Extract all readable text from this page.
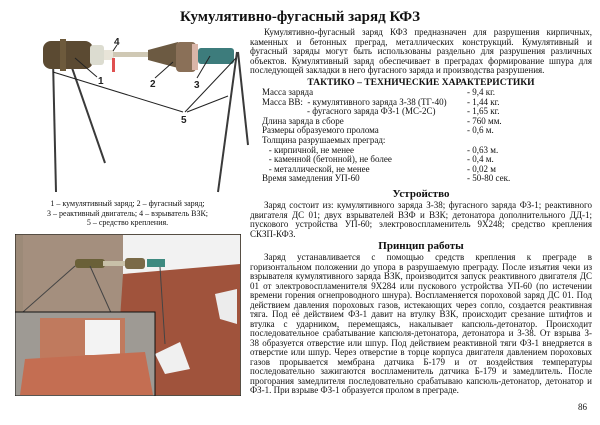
Кумулятивно-фугасный заряд КФЗ
Кумулятивно-фугасный заряд КФЗ предназначен для разрушения кирпичных,
каменных и бетонных преград, металлических конструкций. Кумулятивный и
фугасный заряды могут быть использованы раздельно для разрушения различных
объектов. Кумулятивный заряд обеспечивает в преградах формирование шпура для
последующей закладки в него фугасного заряда и производства разрушения.
ТАКТИКО – ТЕХНИЧЕСКИЕ ХАРАКТЕРИСТИКИ
Масса заряда	- 9,4 кг.
Масса ВВ:  - кумулятивного заряда З-38 (ТГ-40) - 1,44 кг.
- фугасного заряда ФЗ-1 (МС-2С)	- 1,65 кг.
Длина заряда в сборе	- 760 мм.
Размеры образуемого пролома	- 0,6 м.
Толщина разрушаемых преград:
- кирпичной, не менее	- 0,63 м.
- каменной (бетонной), не более	- 0,4 м.
- металлической, не менее	- 0,02 м
Время замедления УП-60	- 50-80 сек.
Устройство
Заряд состоит из: кумулятивного заряда З-38; фугасного заряда ФЗ-1; реактивного
двигателя ДС 01; двух взрывателей ВЗФ и ВЗК; детонатора дополнительного ДД-1;
пускового устройства УП-60; электровоспламенитель 9Х248; средство крепления
СКЗП-КФЗ.
Принцип работы
Заряд устанавливается с помощью средств крепления к преграде в
горизонтальном положении до упора в разрушаемую преграду. После изъятия чеки из
взрывателя кумулятивного заряда ВЗК, производится запуск реактивного двигателя ДС
01 от электровоспламенителя 9Х284 или пускового устройства УП-60 (по истечении
времени горения огнепроводного шнура). Воспламеняется пороховой заряд ДС 01. Под
действием давления пороховых газов, истекающих через сопло, создается реактивная
тяга. Под её действием ФЗ-1 давит на втулку ВЗК, происходит срезание штифтов и
втулка с ударником, перемещаясь, накалывает капсюль-детонатор. Происходит
последовательное срабатывание капсюля-детонатора, детонатора и З-38. От взрыва З-
38 образуется отверстие или шпур. Под действием реактивной тяги ФЗ-1 внедряется в
отверстие или шпур. Через отверстие в торце корпуса двигателя давлением пороховых
газов прорывается мембрана датчика Б-179 и от воздействия температуры
последовательно зажигаются воспламенитель датчика Б-179 и замедлитель. После
прогорания замедлителя последовательно срабатываю капсюль-детонатор, детонатор и
ФЗ-1. При взрыве ФЗ-1 образуется пролом в преграде.
1	2	3
4
5
1 – кумулятивный заряд; 2 – фугасный заряд;
3 – реактивный двигатель; 4 – взрыватель ВЗК;
5 – средство крепления.
86
